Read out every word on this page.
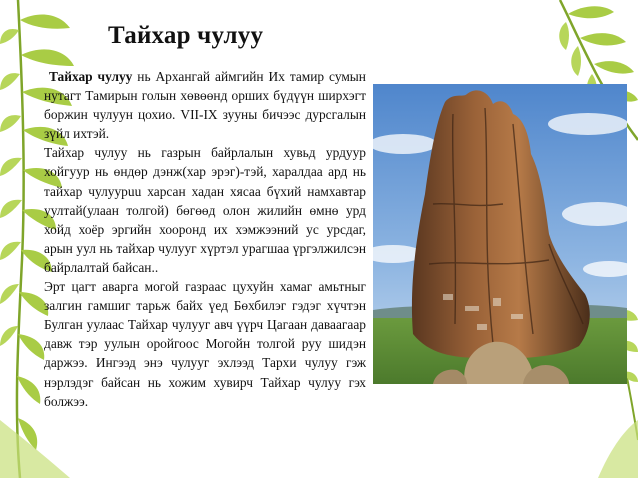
Тайхар чулуу

Тайхар чулуу нь Архангай аймгийн Их тамир сумын нутагт Тамирын голын хөвөөнд орших бүдүүн ширхэгт боржин чулуун цохио. VII-IX зууны бичээс дурсгалын зүйл ихтэй.

Тайхар чулуу нь газрын байрлалын хувьд урдуур хойгуур нь өндөр дэнж(хар эрэг)-тэй, харалдаа ард нь тайхар чулуурuu харсан хадан хясаа бүхий намхавтар уултай(улаан толгой) бөгөөд олон жилийн өмнө урд хойд хоёр эргийн хооронд их хэмжээний ус урсдаг, арын уул нь тайхар чулууг хүртэл урагшаа үргэлжилсэн байрлалтай байсан..

Эрт цагт аварга могой газраас цухуйн хамаг амьтныг залгин гамшиг тарьж байх үед Бөхбилэг гэдэг хүчтэн Булган уулаас Тайхар чулууг авч үүрч Цагаан даваагаар давж тэр уулын оройгоос Могойн толгой руу шидэн даржээ. Ингээд энэ чулууг эхлээд Тархи чулуу гэж нэрлэдэг байсан нь хожим хувирч Тайхар чулуу гэх болжээ.
